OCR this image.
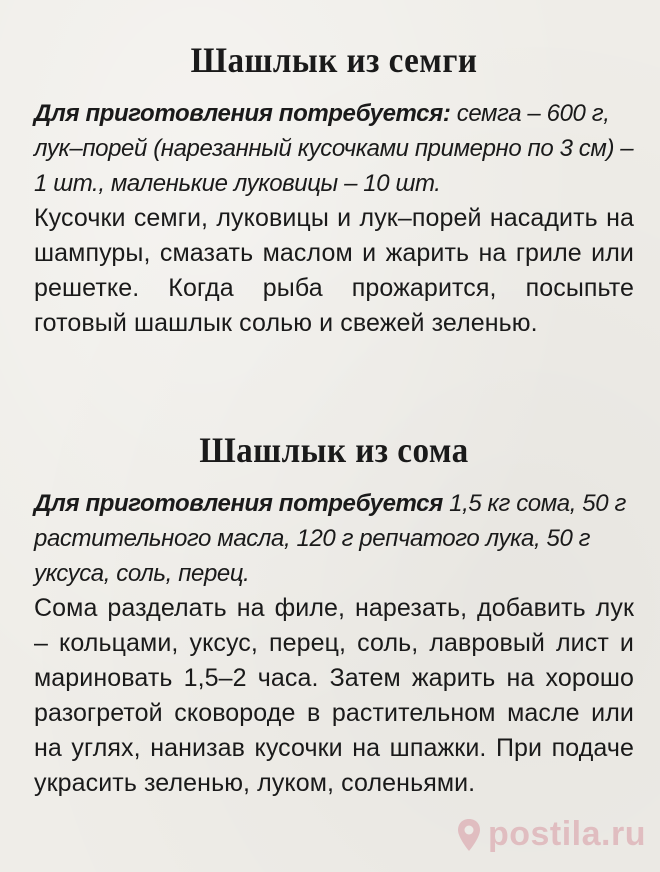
Шашлык из семги

Для приготовления потребуется: семга – 600 г, лук–порей (нарезанный кусочками примерно по 3 см) – 1 шт., маленькие луковицы – 10 шт.

Кусочки семги, луковицы и лук–порей насадить на шампуры, смазать маслом и жарить на гриле или решетке. Когда рыба прожарится, посыпьте готовый шашлык солью и свежей зеленью.

Шашлык из сома

Для приготовления потребуется 1,5 кг сома, 50 г растительного масла, 120 г репчатого лука, 50 г уксуса, соль, перец.

Сома разделать на филе, нарезать, добавить лук – кольцами, уксус, перец, соль, лавровый лист и мариновать 1,5–2 часа. Затем жарить на хорошо разогретой сковороде в растительном масле или на углях, нанизав кусочки на шпажки. При подаче украсить зеленью, луком, соленьями.

postila.ru
